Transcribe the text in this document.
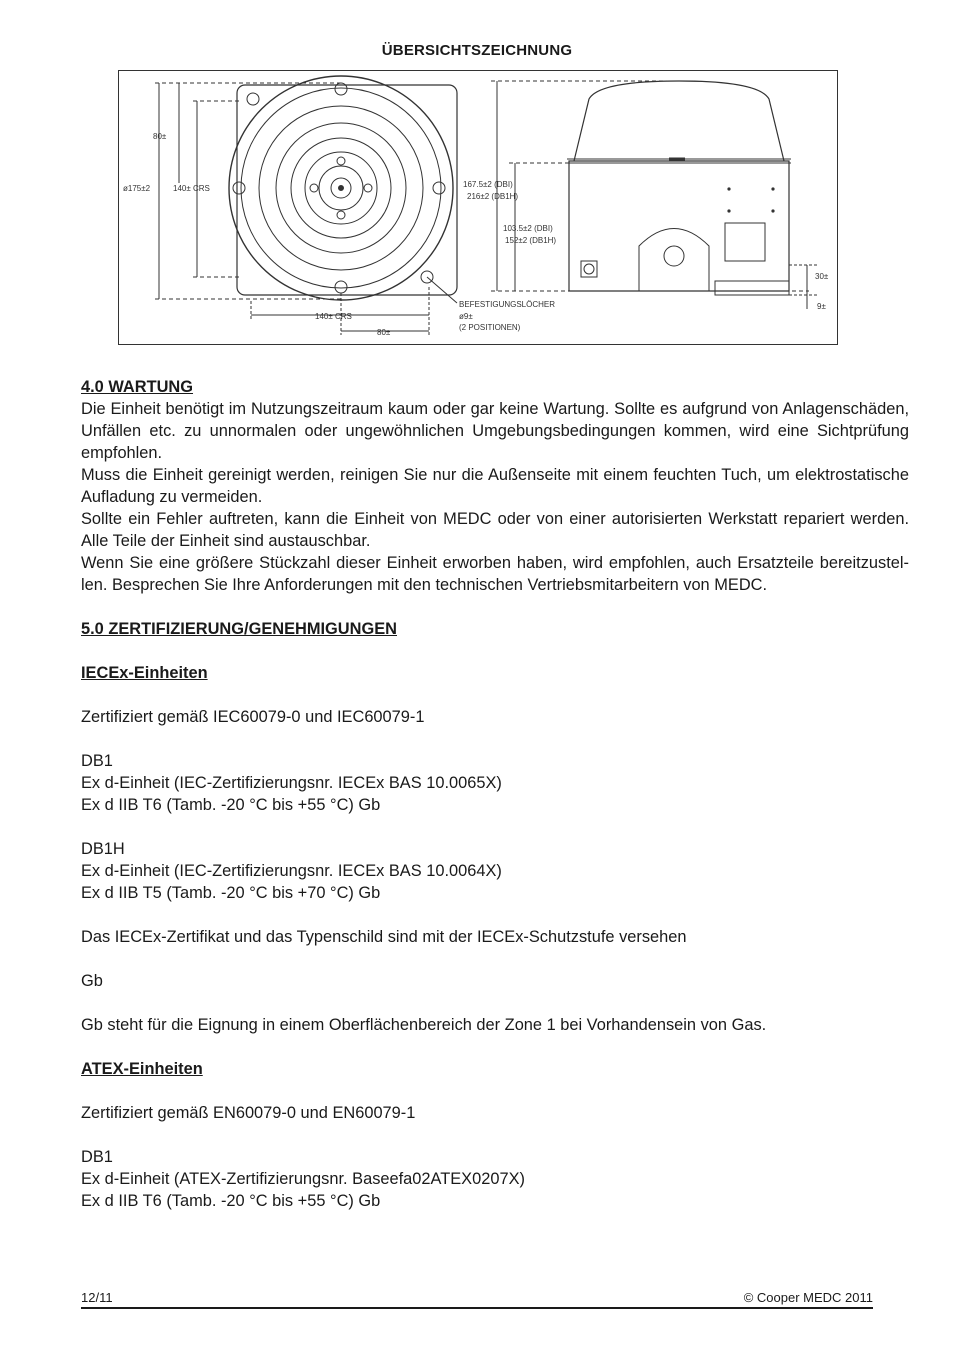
ÜBERSICHTSZEICHNUNG
80±
ø175±2	140± CRS	167.5±2 (DBI)
216±2 (DB1H)
103.5±2 (DBI)
152±2 (DB1H)
30±
9±
140± CRS
80±
BEFESTIGUNGSLÖCHER
ø9±
(2 POSITIONEN)

4.0 WARTUNG

Die Einheit benötigt im Nutzungszeitraum kaum oder gar keine Wartung. Sollte es aufgrund von Anlagenschäden, Unfällen etc. zu unnormalen oder ungewöhnlichen Umgebungsbedingungen kommen, wird eine Sichtprüfung empfohlen.

Muss die Einheit gereinigt werden, reinigen Sie nur die Außenseite mit einem feuchten Tuch, um elektrostatische Aufladung zu vermeiden.

Sollte ein Fehler auftreten, kann die Einheit von MEDC oder von einer autorisierten Werkstatt repariert werden. Alle Teile der Einheit sind austauschbar.

Wenn Sie eine größere Stückzahl dieser Einheit erworben haben, wird empfohlen, auch Ersatzteile bereitzustel-len. Besprechen Sie Ihre Anforderungen mit den technischen Vertriebsmitarbeitern von MEDC.

5.0 ZERTIFIZIERUNG/GENEHMIGUNGEN

IECEx-Einheiten

Zertifiziert gemäß IEC60079-0 und IEC60079-1

DB1

Ex d-Einheit (IEC-Zertifizierungsnr. IECEx BAS 10.0065X)

Ex d IIB T6 (Tamb. -20 °C bis +55 °C) Gb

DB1H

Ex d-Einheit (IEC-Zertifizierungsnr. IECEx BAS 10.0064X)

Ex d IIB T5 (Tamb. -20 °C bis +70 °C) Gb

Das IECEx-Zertifikat und das Typenschild sind mit der IECEx-Schutzstufe versehen

Gb

Gb steht für die Eignung in einem Oberflächenbereich der Zone 1 bei Vorhandensein von Gas.

ATEX-Einheiten

Zertifiziert gemäß EN60079-0 und EN60079-1

DB1

Ex d-Einheit (ATEX-Zertifizierungsnr. Baseefa02ATEX0207X)

Ex d IIB T6 (Tamb. -20 °C bis +55 °C) Gb

12/11	© Cooper MEDC 2011
